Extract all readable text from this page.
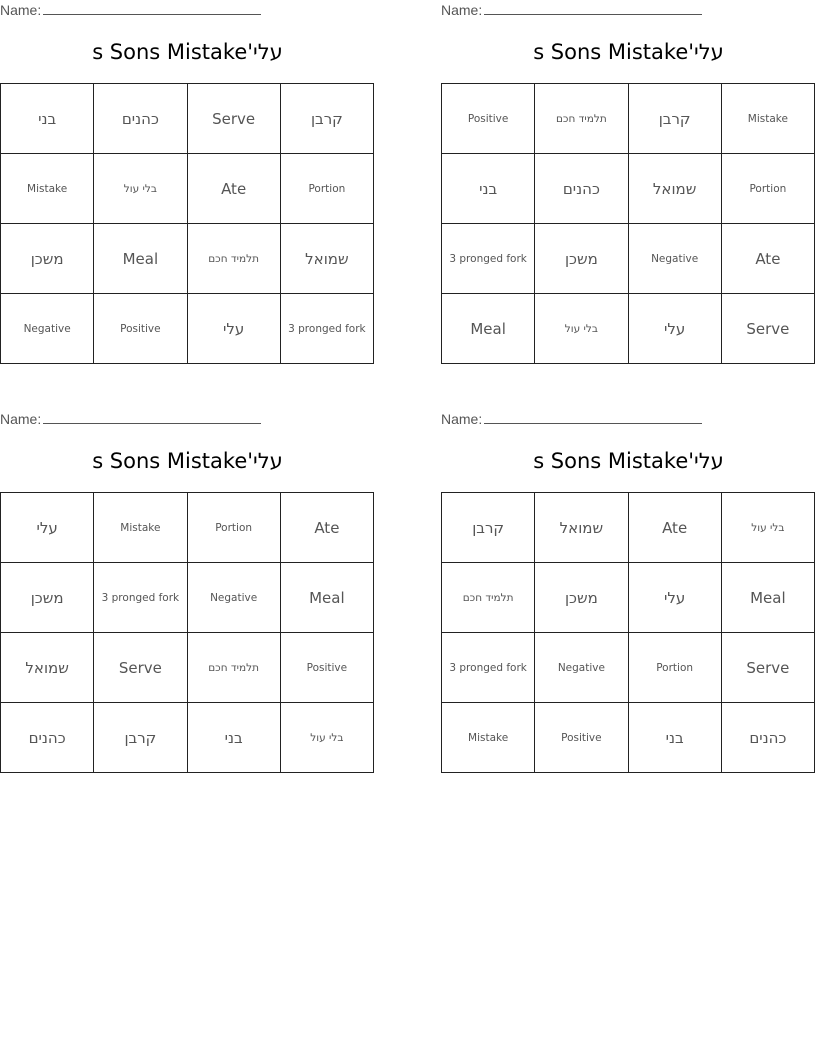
Name:
עלי's Sons Mistake
בני	כהנים	Serve	קרבן
Mistake	בלי עול	Ate	Portion
משכן	Meal	תלמיד חכם	שמואל
Negative	Positive	עלי	3 pronged fork
Name:
עלי's Sons Mistake
Positive	תלמיד חכם	קרבן	Mistake
בני	כהנים	שמואל	Portion
3 pronged fork	משכן	Negative	Ate
Meal	בלי עול	עלי	Serve
Name:
עלי's Sons Mistake
עלי	Mistake	Portion	Ate
משכן	3 pronged fork	Negative	Meal
שמואל	Serve	תלמיד חכם	Positive
כהנים	קרבן	בני	בלי עול
Name:
עלי's Sons Mistake
קרבן	שמואל	Ate	בלי עול
תלמיד חכם	משכן	עלי	Meal
3 pronged fork	Negative	Portion	Serve
Mistake	Positive	בני	כהנים
